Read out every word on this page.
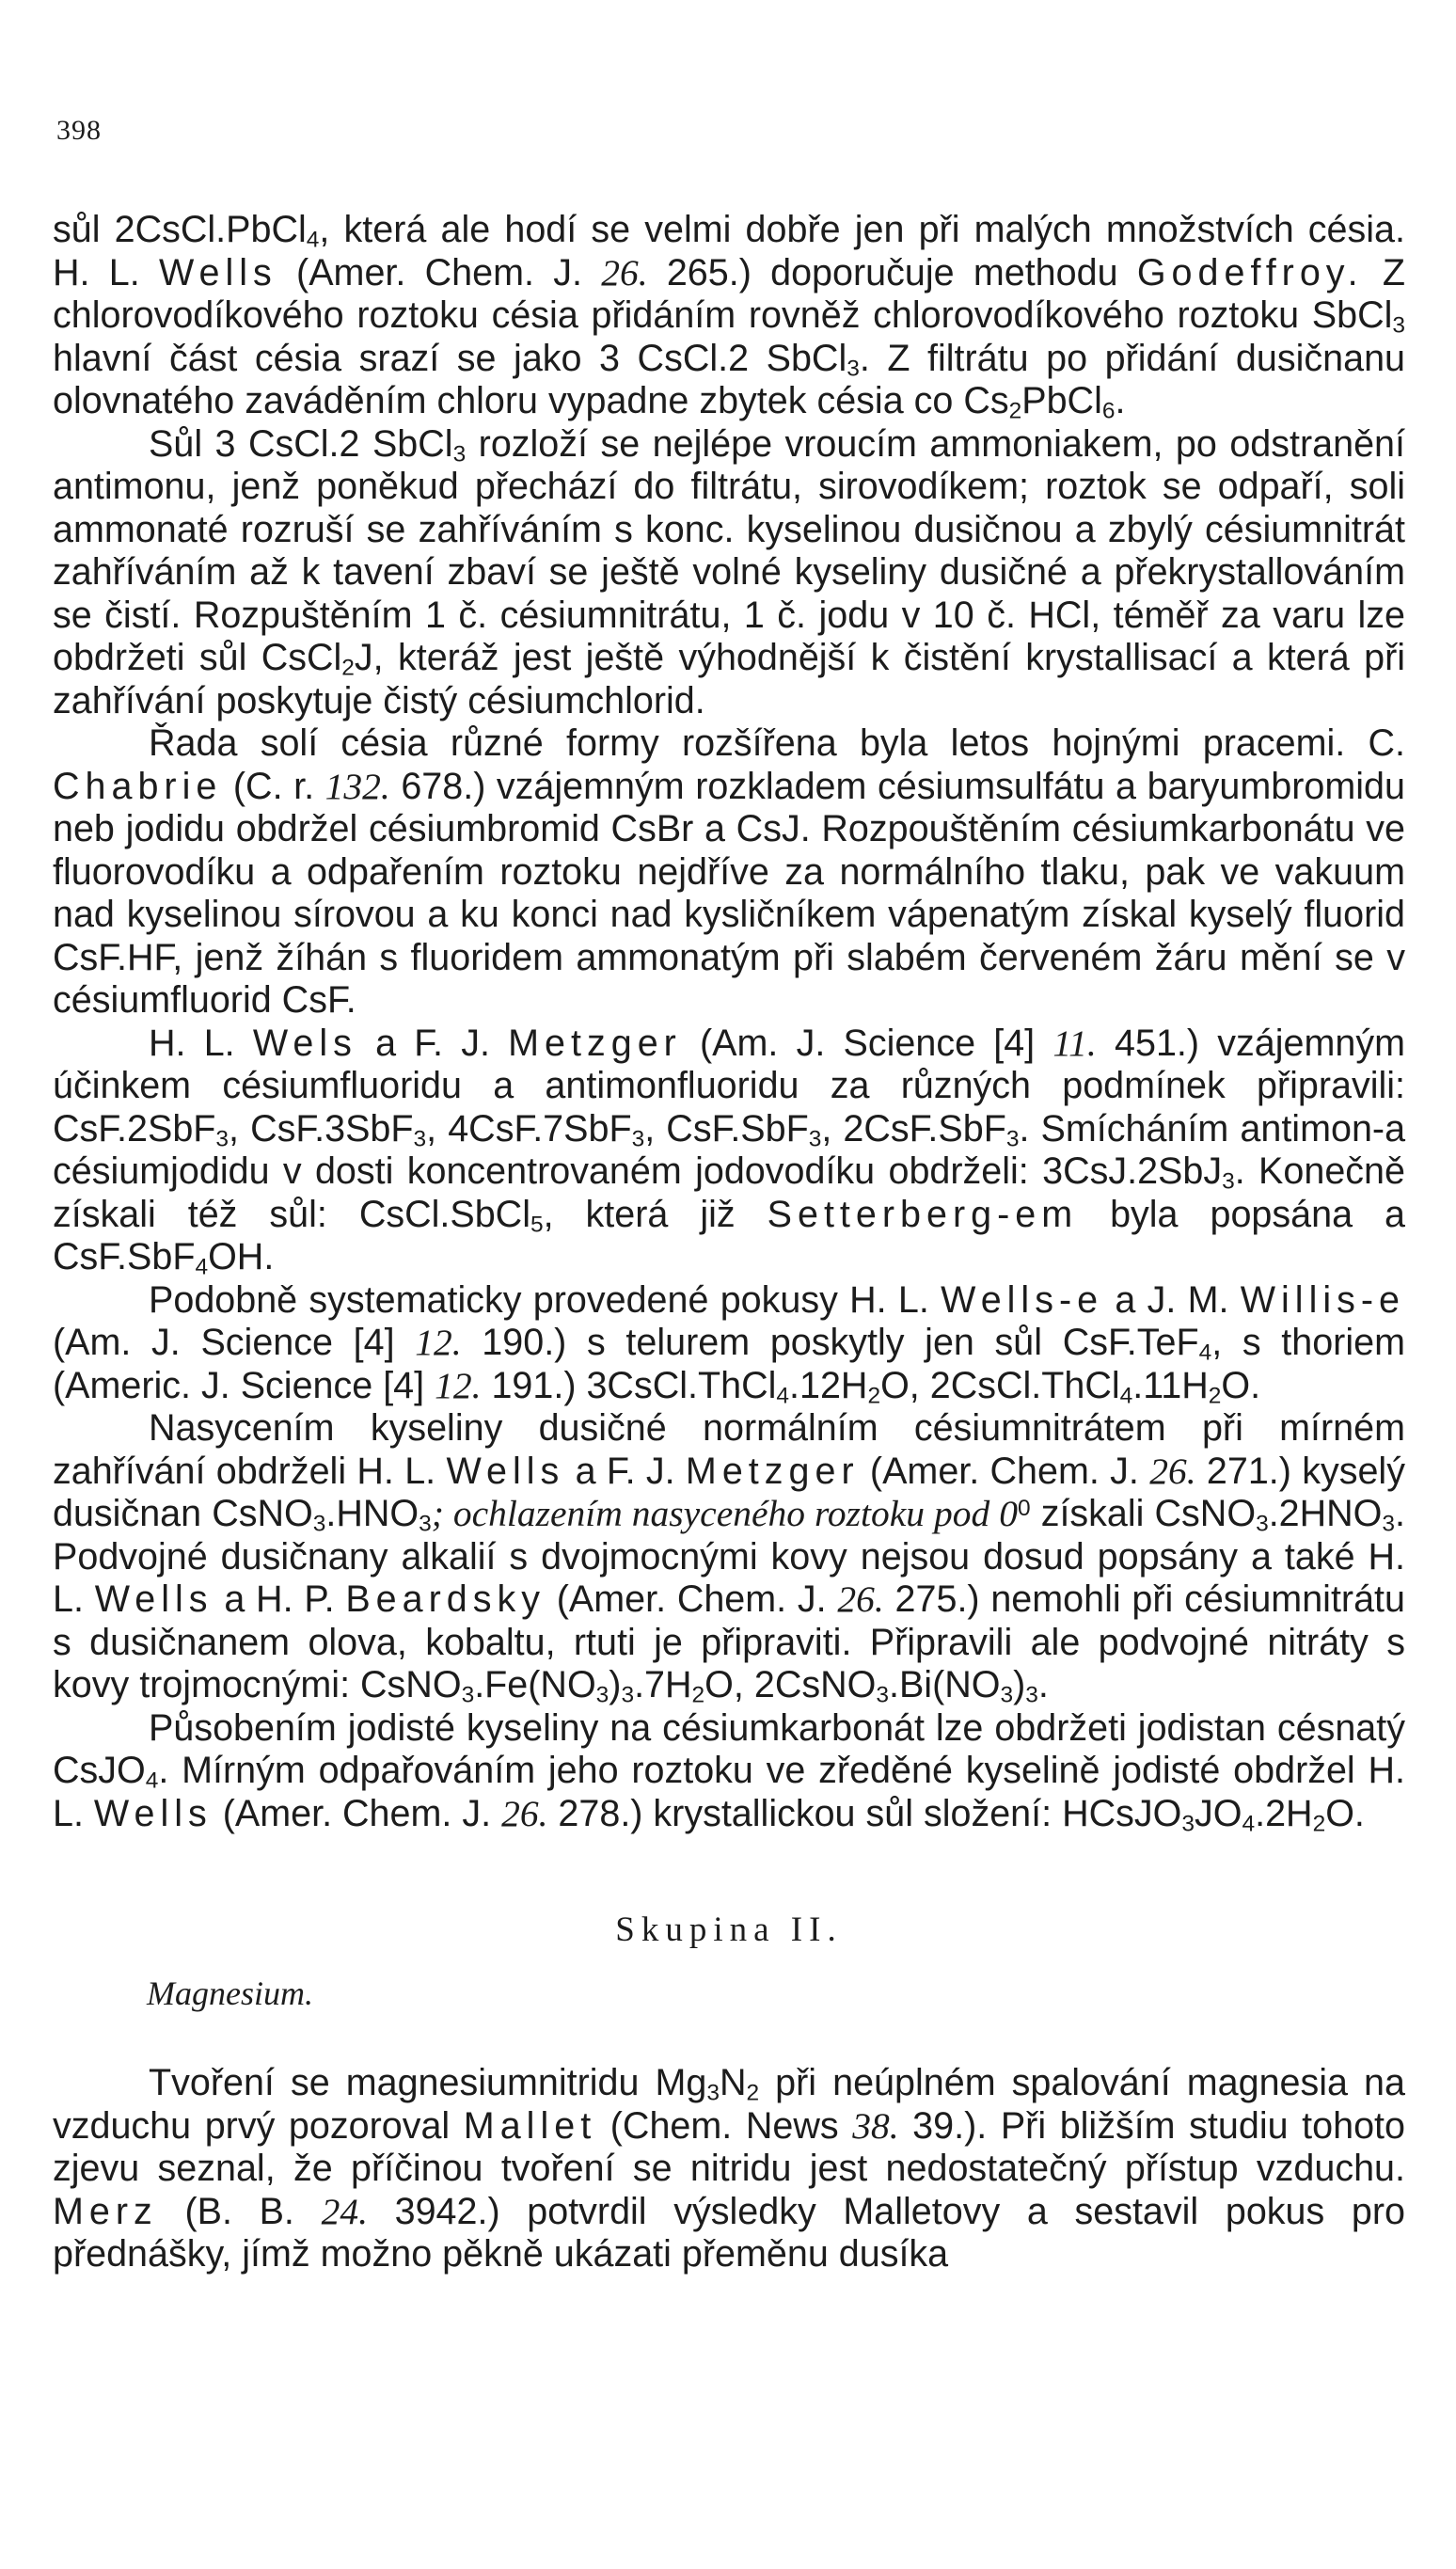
398

sůl 2CsCl.PbCl$_4$, která ale hodí se velmi dobře jen při malých množstvích césia. H. L. Wells (Amer. Chem. J. 26. 265.) doporučuje methodu Godeffroy. Z chlorovodíkového roztoku césia přidáním rovněž chlorovodíkového roztoku SbCl$_3$ hlavní část césia srazí se jako 3 CsCl.2 SbCl$_3$. Z filtrátu po přidání dusičnanu olovnatého zaváděním chloru vypadne zbytek césia co $Cs_2PbCl_6$.

Sůl 3 CsCl.2 SbCl$_3$ rozloží se nejlépe vroucím ammoniakem, po odstranění antimonu, jenž poněkud přechází do filtrátu, sirovodíkem; roztok se odpaří, soli ammonaté rozruší se zahříváním s konc. kyselinou dusičnou a zbylý césiumnitrát zahříváním až k tavení zbaví se ještě volné kyseliny dusičné a překrystallováním se čistí. Rozpuštěním 1 č. césiumnitrátu, 1 č. jodu v 10 č. HCl, téměř za varu lze obdržeti sůl CsCl$_2$J, kteráž jest ještě výhodnější k čistění krystallisací a která při zahřívání poskytuje čistý césiumchlorid.

Řada solí césia různé formy rozšířena byla letos hojnými pracemi. C. Chabrie (C. r. 132. 678.) vzájemným rozkladem césiumsulfátu a baryumbromidu neb jodidu obdržel césiumbromid CsBr a CsJ. Rozpouštěním césiumkarbonátu ve fluorovodíku a odpařením roztoku nejdříve za normálního tlaku, pak ve vakuum nad kyselinou sírovou a ku konci nad kysličníkem vápenatým získal kyselý fluorid CsF.HF, jenž žíhán s fluoridem ammonatým při slabém červeném žáru mění se v césiumfluorid CsF.

H. L. Wels a F. J. Metzger (Am. J. Science [4] 11. 451.) vzájemným účinkem césiumfluoridu a antimonfluoridu za různých podmínek připravili: CsF.2SbF$_3$, CsF.3SbF$_3$, 4CsF.7SbF$_3$, CsF.SbF$_3$, 2CsF.SbF$_3$. Smícháním antimon-a césiumjodidu v dosti koncentrovaném jodovodíku obdrželi: 3CsJ.2SbJ$_3$. Konečně získali též sůl: CsCl.SbCl$_5$, která již Setterberg-em byla popsána a CsF.SbF$_4$OH.

Podobně systematicky provedené pokusy H. L. Wells-e a J. M. Willis-e (Am. J. Science [4] 12. 190.) s telurem poskytly jen sůl CsF.TeF$_4$, s thoriem (Americ. J. Science [4] 12. 191.) $3CsCl.ThCl_4.12H_2O$, $2CsCl.ThCl_4.11H_2O$.

Nasycením kyseliny dusičné normálním césiumnitrátem při mírném zahřívání obdrželi H. L. Wells a F. J. Metzger (Amer. Chem. J. 26. 271.) kyselý dusičnan $CsNO_3.HNO_3$; ochlazením nasyceného roztoku pod $0^0$ získali $CsNO_3.2HNO_3$. Podvojné dusičnany alkalií s dvojmocnými kovy nejsou dosud popsány a také H. L. Wells a H. P. Beardsky (Amer. Chem. J. 26. 275.) nemohli při césiumnitrátu s dusičnanem olova, kobaltu, rtuti je připraviti. Připravili ale podvojné nitráty s kovy trojmocnými: $CsNO_3.Fe(NO_3)_3.7H_2O$, $2CsNO_3.Bi(NO_3)_3$.

Působením jodisté kyseliny na césiumkarbonát lze obdržeti jodistan césnatý CsJO$_4$. Mírným odpařováním jeho roztoku ve zředěné kyselině jodisté obdržel H. L. Wells (Amer. Chem. J. 26. 278.) krystallickou sůl složení: $HCsJO_3JO_4.2H_2O$.

Skupina II.
Magnesium.

Tvoření se magnesiumnitridu $Mg_3N_2$ při neúplném spalování magnesia na vzduchu prvý pozoroval Mallet (Chem. News 38. 39.). Při bližším studiu tohoto zjevu seznal, že příčinou tvoření se nitridu jest nedostatečný přístup vzduchu. Merz (B. B. 24. 3942.) potvrdil výsledky Malletovy a sestavil pokus pro přednášky, jímž možno pěkně ukázati přeměnu dusíka
